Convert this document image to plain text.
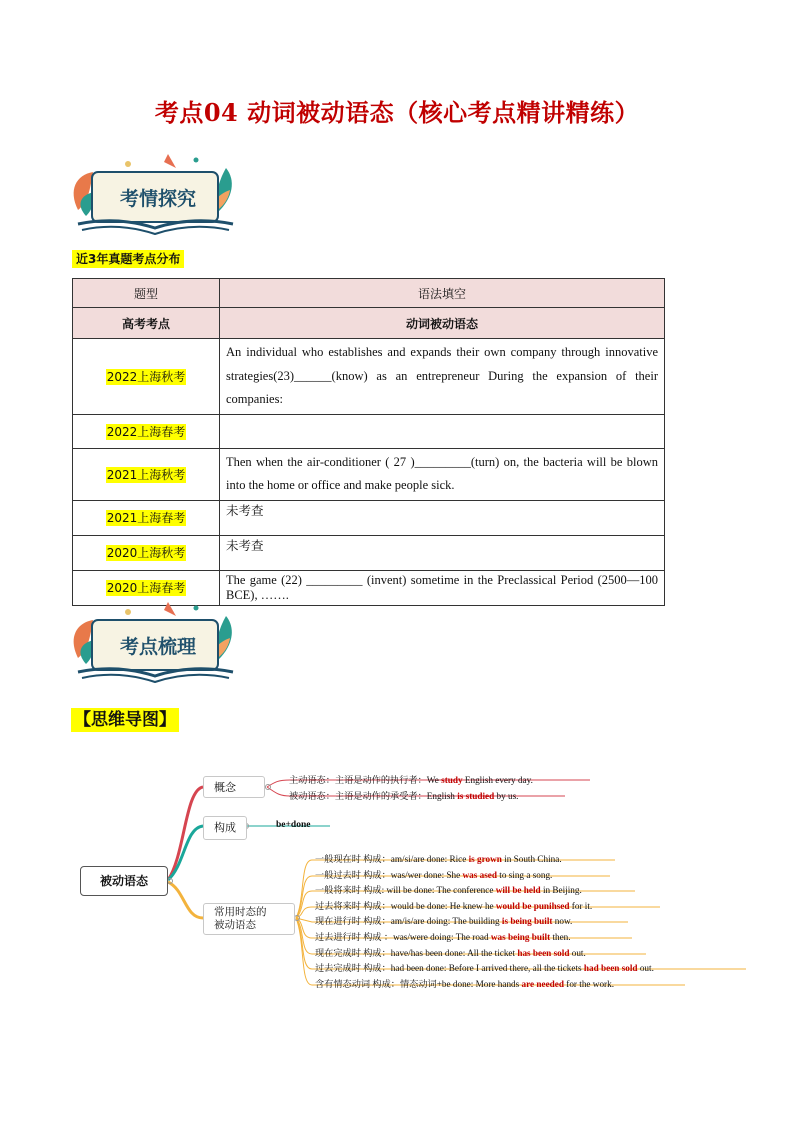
考点04 动词被动语态（核心考点精讲精练）
考情探究
近3年真题考点分布
题型	语法填空
高考考点	动词被动语态
2022上海秋考	An individual who establishes and expands their own company through innovative strategies(23)______(know) as an entrepreneur During the expansion of their companies:
2022上海春考	
2021上海秋考	Then when the air-conditioner ( 27 )_________(turn) on, the bacteria will be blown into the home or office and make people sick.
2021上海春考	未考查
2020上海秋考	未考查
2020上海春考	The game (22) _________ (invent) sometime in the Preclassical Period (2500—100 BCE), …….
考点梳理
【思维导图】
被动语态
概念
构成	be+done
常用时态的
被动语态
主动语态：主语是动作的执行者：We study English every day.
被动语态：主语是动作的承受者：English is studied by us.
一般现在时 构成：am/si/are done: Rice is grown in South China.
一般过去时 构成：was/wer done: She was ased to sing a song.
一般将来时 构成: will be done: The conference will be held in Beijing.
过去将来时 构成：would be done: He knew he would be punihsed for it.
现在进行时 构成：am/is/are doing: The building is being built now.
过去进行时 构成 ：was/were doing: The road was being built then.
现在完成时 构成：have/has been done: All the ticket has been sold out.
过去完成时 构成：had been done: Before I arrived there, all the tickets had been sold out.
含有情态动词 构成：情态动词+be done: More hands are needed for the work.
